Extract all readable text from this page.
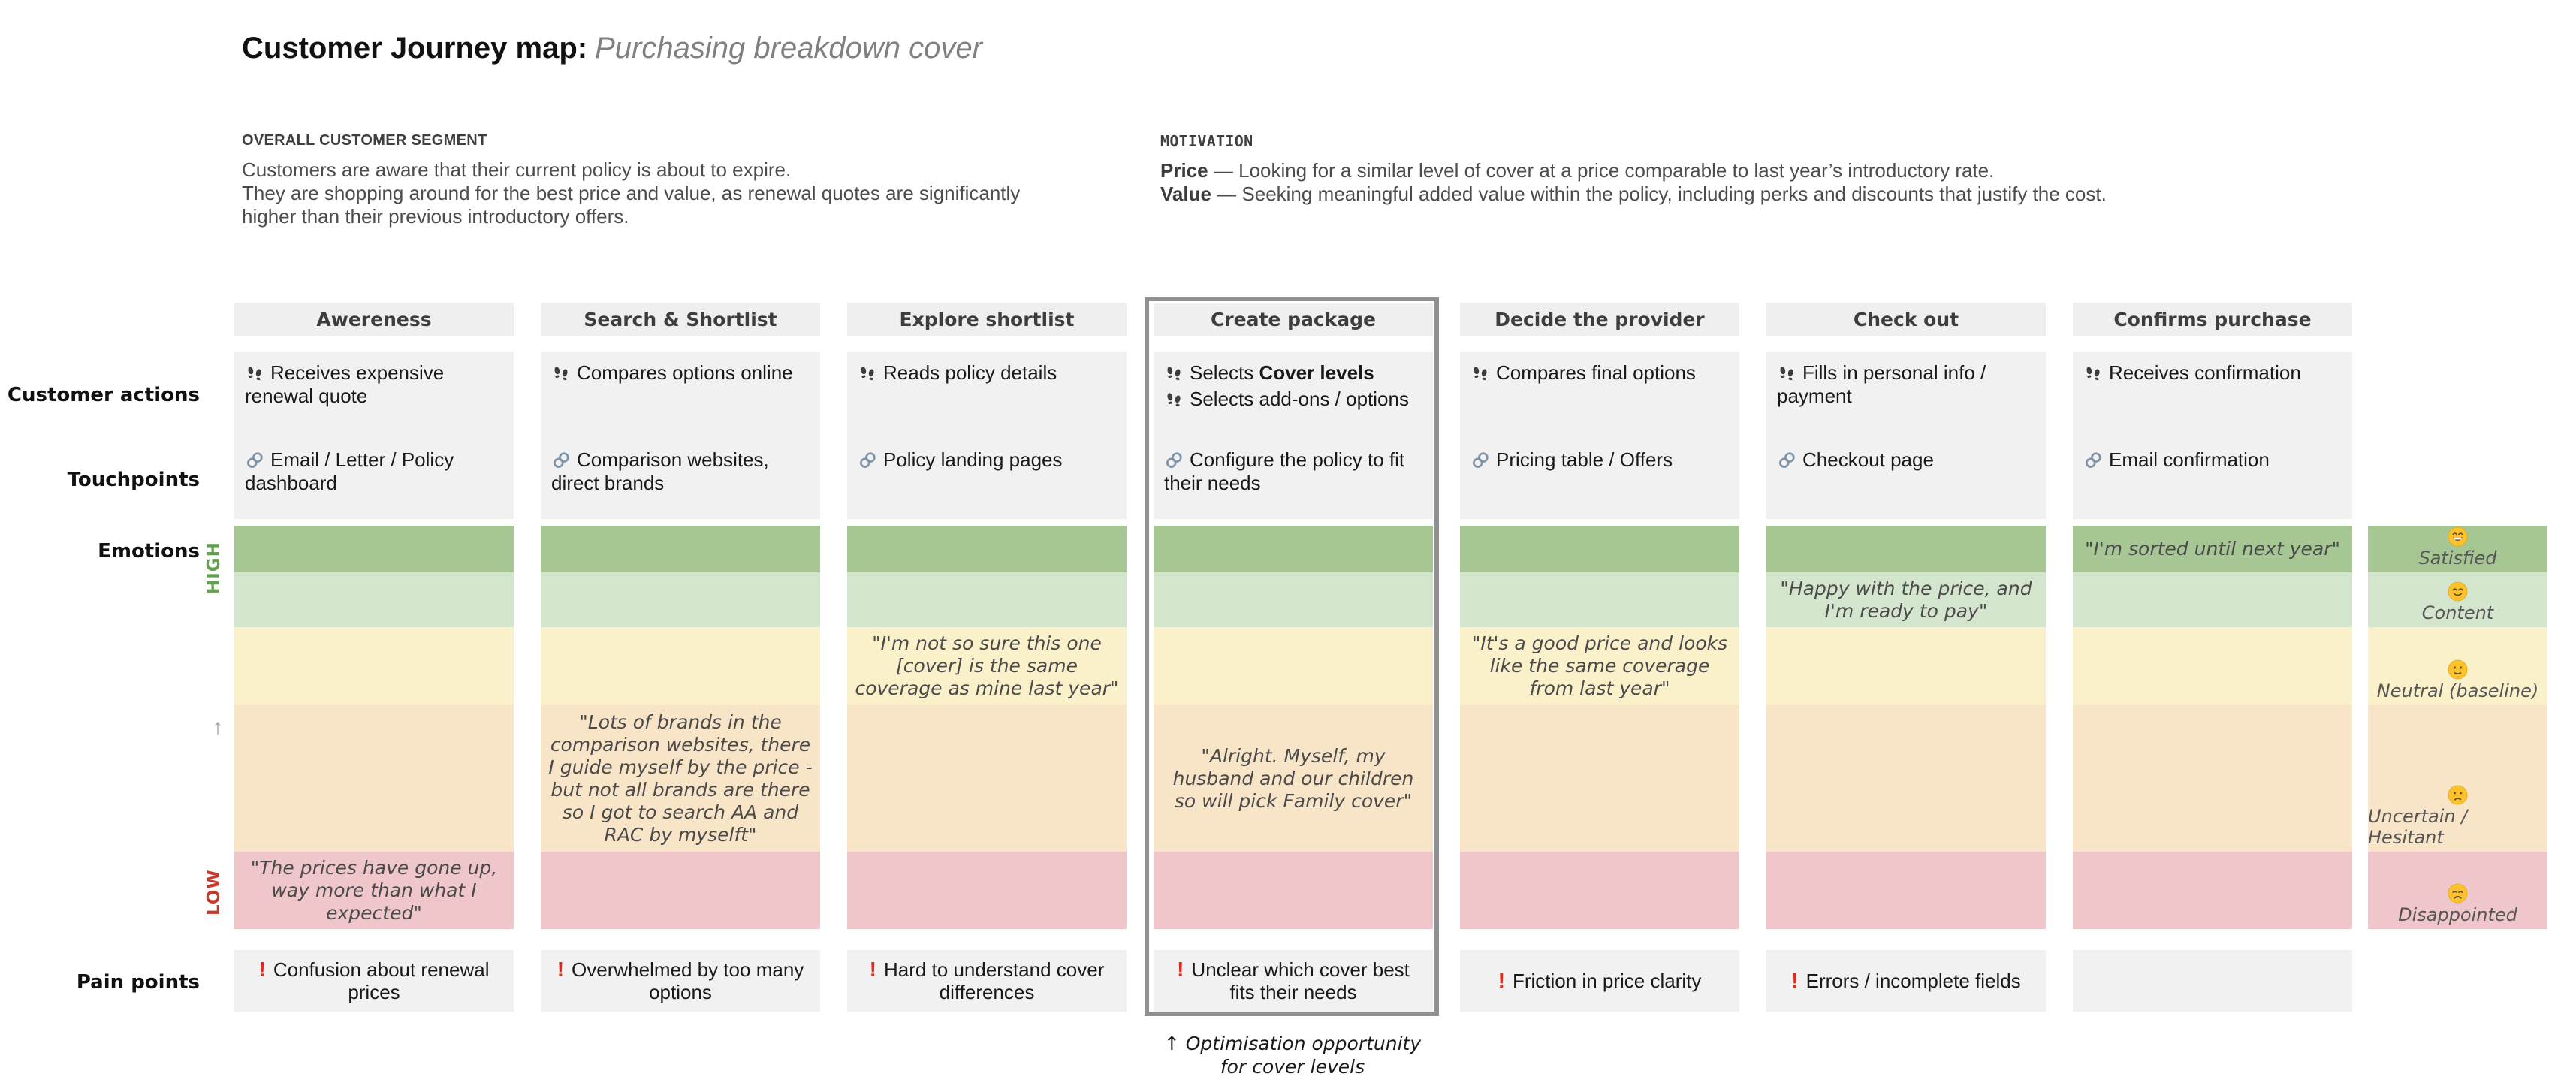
Customer Journey map: Purchasing breakdown cover
OVERALL CUSTOMER SEGMENT
Customers are aware that their current policy is about to expire.
They are shopping around for the best price and value, as renewal quotes are significantly
higher than their previous introductory offers.
MOTIVATION
Price — Looking for a similar level of cover at a price comparable to last year’s introductory rate.
Value — Seeking meaningful added value within the policy, including perks and discounts that justify the cost.
Customer actions
Touchpoints
Emotions
Pain points
HIGH
LOW
↑
Awereness

Receives expensive renewal quote

Email / Letter / Policy dashboard

"The prices have gone up, way more than what I expected"

! Confusion about renewal prices

Search & Shortlist

Compares options online

Comparison websites, direct brands

"Lots of brands in the comparison websites, there I guide myself by the price - but not all brands are there so I got to search AA and RAC by myselft"

! Overwhelmed by too many options

Explore shortlist

Reads policy details

Policy landing pages

"I'm not so sure this one [cover] is the same coverage as mine last year"

! Hard to understand cover differences

Create package

Selects Cover levels

Selects add-ons / options

Configure the policy to fit their needs

"Alright. Myself, my husband and our children so will pick Family cover"

! Unclear which cover best fits their needs

Decide the provider

Compares final options

Pricing table / Offers

"It's a good price and looks like the same coverage from last year"

! Friction in price clarity

Check out

Fills in personal info / payment

Checkout page

"Happy with the price, and I'm ready to pay"

! Errors / incomplete fields

Confirms purchase

Receives confirmation

Email confirmation

"I'm sorted until next year"	Satisfied
Content
Neutral (baseline)
Uncertain / Hesitant
Disappointed
↑ Optimisation opportunity
for cover levels
